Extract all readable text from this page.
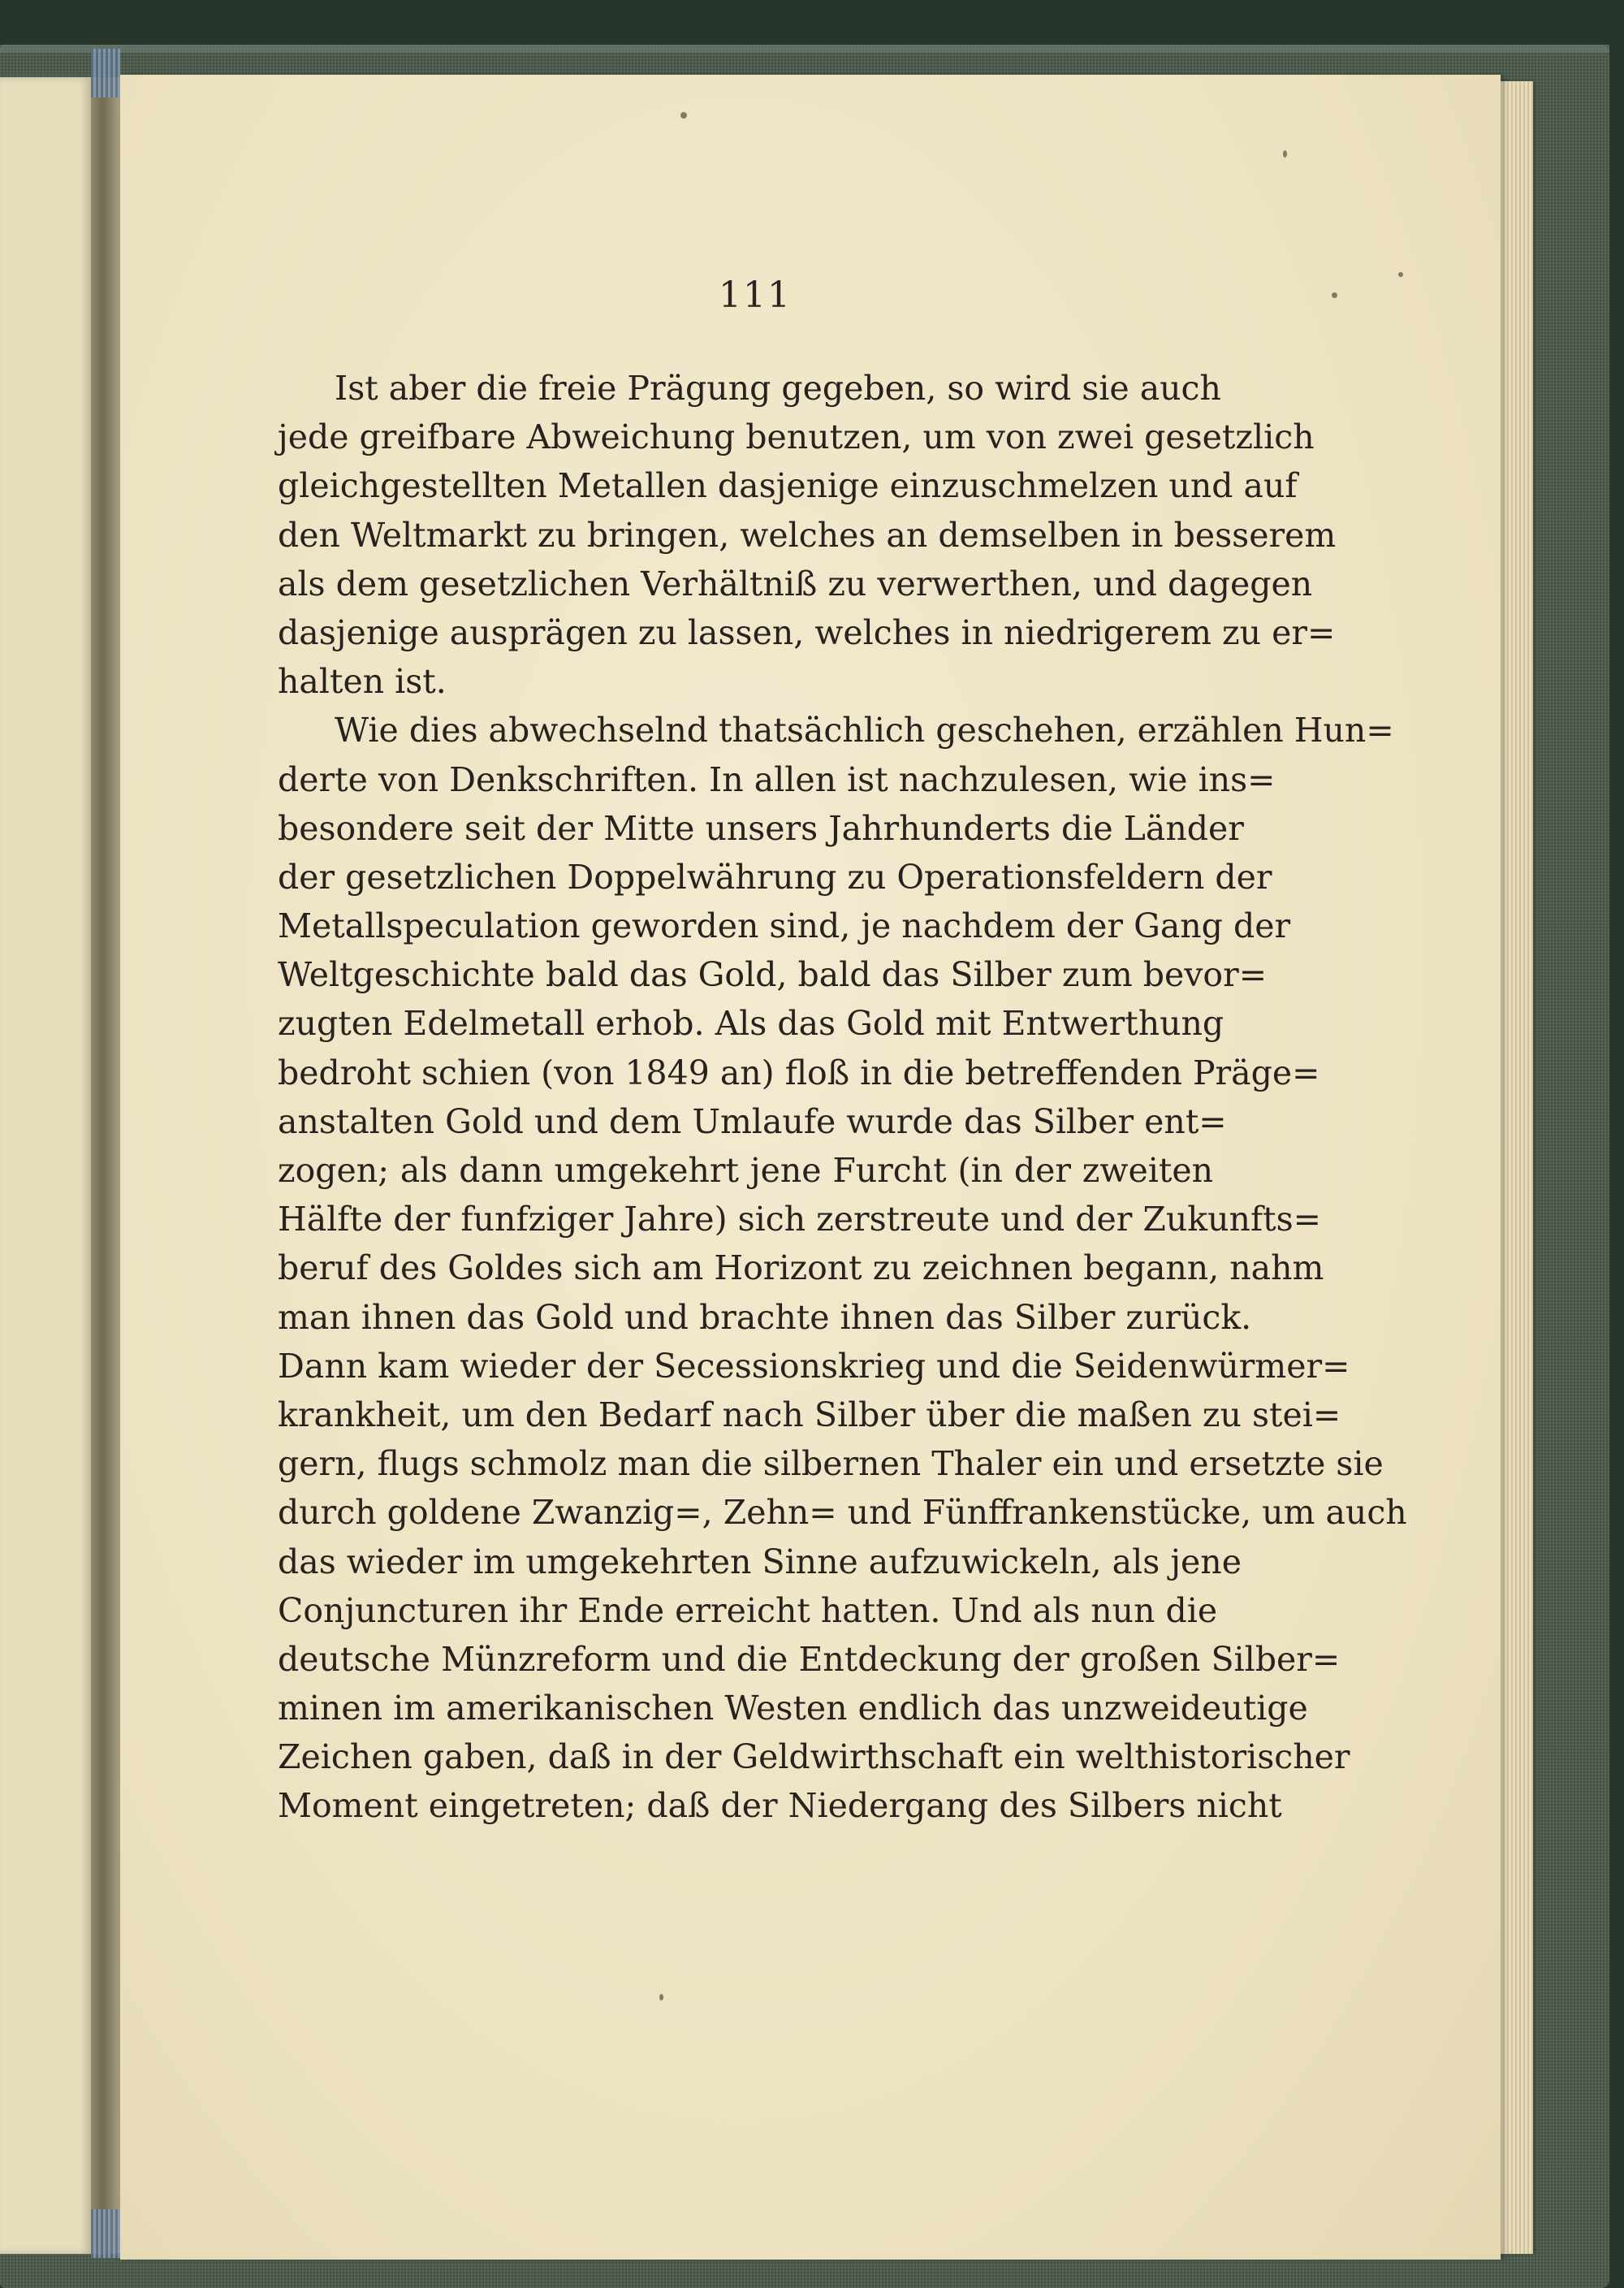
111
Ist aber die freie Prägung gegeben, so wird sie auch
jede greifbare Abweichung benutzen, um von zwei gesetzlich
gleichgestellten Metallen dasjenige einzuschmelzen und auf
den Weltmarkt zu bringen, welches an demselben in besserem
als dem gesetzlichen Verhältniß zu verwerthen, und dagegen
dasjenige ausprägen zu lassen, welches in niedrigerem zu er=
halten ist.
Wie dies abwechselnd thatsächlich geschehen, erzählen Hun=
derte von Denkschriften. In allen ist nachzulesen, wie ins=
besondere seit der Mitte unsers Jahrhunderts die Länder
der gesetzlichen Doppelwährung zu Operationsfeldern der
Metallspeculation geworden sind, je nachdem der Gang der
Weltgeschichte bald das Gold, bald das Silber zum bevor=
zugten Edelmetall erhob. Als das Gold mit Entwerthung
bedroht schien (von 1849 an) floß in die betreffenden Präge=
anstalten Gold und dem Umlaufe wurde das Silber ent=
zogen; als dann umgekehrt jene Furcht (in der zweiten
Hälfte der funfziger Jahre) sich zerstreute und der Zukunfts=
beruf des Goldes sich am Horizont zu zeichnen begann, nahm
man ihnen das Gold und brachte ihnen das Silber zurück.
Dann kam wieder der Secessionskrieg und die Seidenwürmer=
krankheit, um den Bedarf nach Silber über die maßen zu stei=
gern, flugs schmolz man die silbernen Thaler ein und ersetzte sie
durch goldene Zwanzig=, Zehn= und Fünffrankenstücke, um auch
das wieder im umgekehrten Sinne aufzuwickeln, als jene
Conjuncturen ihr Ende erreicht hatten. Und als nun die
deutsche Münzreform und die Entdeckung der großen Silber=
minen im amerikanischen Westen endlich das unzweideutige
Zeichen gaben, daß in der Geldwirthschaft ein welthistorischer
Moment eingetreten; daß der Niedergang des Silbers nicht
